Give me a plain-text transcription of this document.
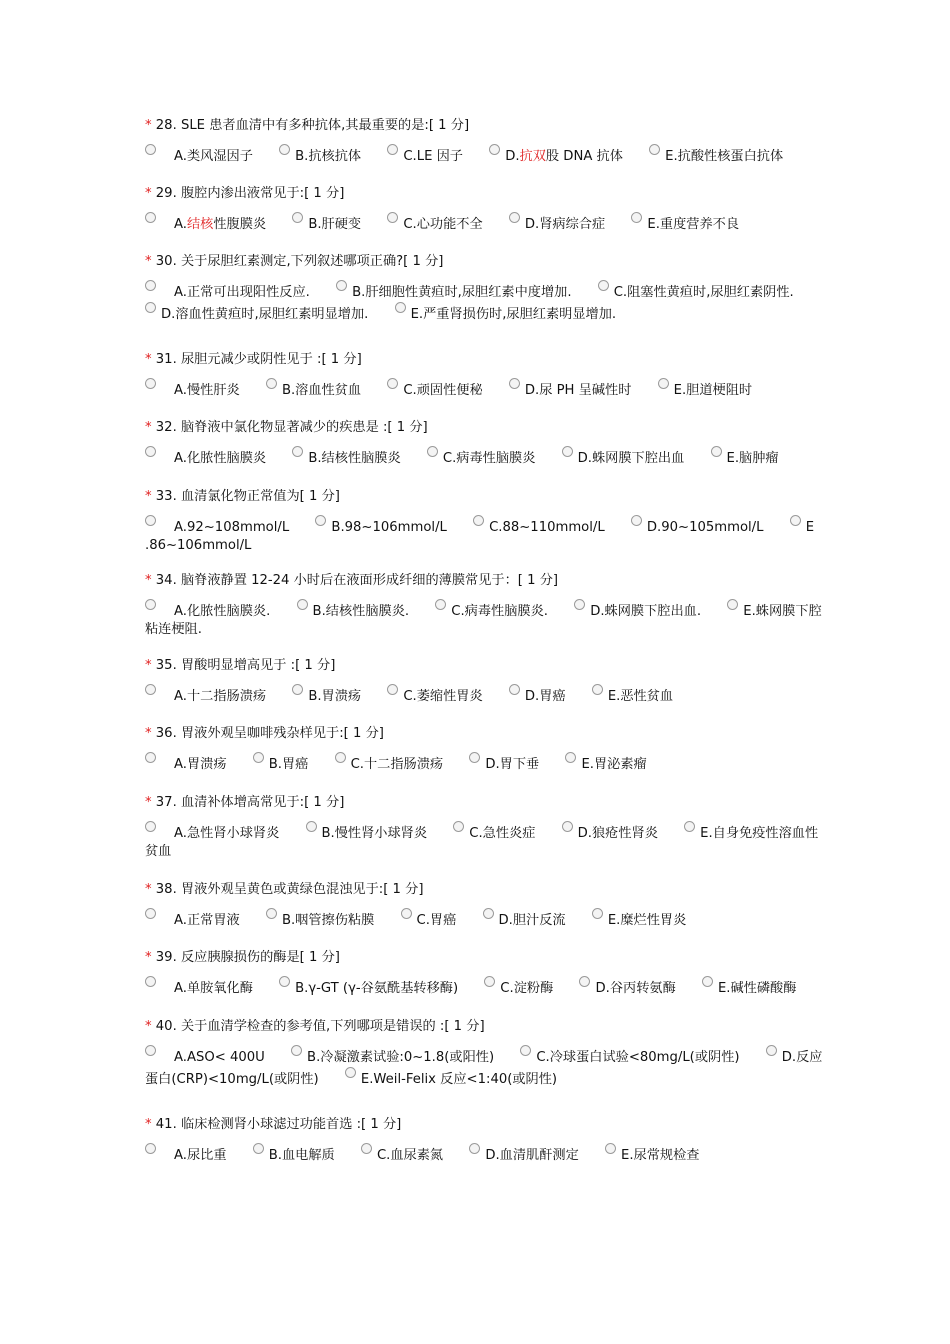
* 28. SLE 患者血清中有多种抗体,其最重要的是:[ 1 分]
A.类风湿因子	B.抗核抗体	C.LE 因子	D.抗双股 DNA 抗体	E.抗酸性核蛋白抗体
* 29. 腹腔内渗出液常见于:[ 1 分]
A.结核性腹膜炎	B.肝硬变	C.心功能不全	D.肾病综合症	E.重度营养不良
* 30. 关于尿胆红素测定,下列叙述哪项正确?[ 1 分]
A.正常可出现阳性反应.	B.肝细胞性黄疸时,尿胆红素中度增加.	C.阻塞性黄疸时,尿胆红素阴性. D.溶血性黄疸时,尿胆红素明显增加.	E.严重肾损伤时,尿胆红素明显增加.
* 31. 尿胆元减少或阴性见于 :[ 1 分]
A.慢性肝炎	B.溶血性贫血	C.顽固性便秘	D.尿 PH 呈碱性时	E.胆道梗阻时
* 32. 脑脊液中氯化物显著减少的疾患是 :[ 1 分]
A.化脓性脑膜炎	B.结核性脑膜炎	C.病毒性脑膜炎	D.蛛网膜下腔出血	E.脑肿瘤
* 33. 血清氯化物正常值为[ 1 分]
A.92~108mmol/L	B.98~106mmol/L	C.88~110mmol/L	D.90~105mmol/L	E .86~106mmol/L
* 34. 脑脊液静置 12-24 小时后在液面形成纤细的薄膜常见于：[ 1 分]
A.化脓性脑膜炎.	B.结核性脑膜炎.	C.病毒性脑膜炎.	D.蛛网膜下腔出血.	E.蛛网膜下腔粘连梗阻.
* 35. 胃酸明显增高见于 :[ 1 分]
A.十二指肠溃疡	B.胃溃疡	C.萎缩性胃炎	D.胃癌	E.恶性贫血
* 36. 胃液外观呈咖啡残杂样见于:[ 1 分]
A.胃溃疡	B.胃癌	C.十二指肠溃疡	D.胃下垂	E.胃泌素瘤
* 37. 血清补体增高常见于:[ 1 分]
A.急性肾小球肾炎	B.慢性肾小球肾炎	C.急性炎症	D.狼疮性肾炎	E.自身免疫性溶血性贫血
* 38. 胃液外观呈黄色或黄绿色混浊见于:[ 1 分]
A.正常胃液	B.咽管擦伤粘膜	C.胃癌	D.胆汁反流	E.糜烂性胃炎
* 39. 反应胰腺损伤的酶是[ 1 分]
A.单胺氧化酶	B.γ-GT (γ-谷氨酰基转移酶)	C.淀粉酶	D.谷丙转氨酶	E.碱性磷酸酶
* 40. 关于血清学检查的参考值,下列哪项是错误的 :[ 1 分]
A.ASO< 400U	B.冷凝激素试验:0~1.8(或阳性)	C.冷球蛋白试验<80mg/L(或阴性)	D.反应蛋白(CRP)<10mg/L(或阴性)	E.Weil-Felix 反应<1:40(或阴性)
* 41. 临床检测肾小球滤过功能首选 :[ 1 分]
A.尿比重	B.血电解质	C.血尿素氮	D.血清肌酐测定	E.尿常规检查
